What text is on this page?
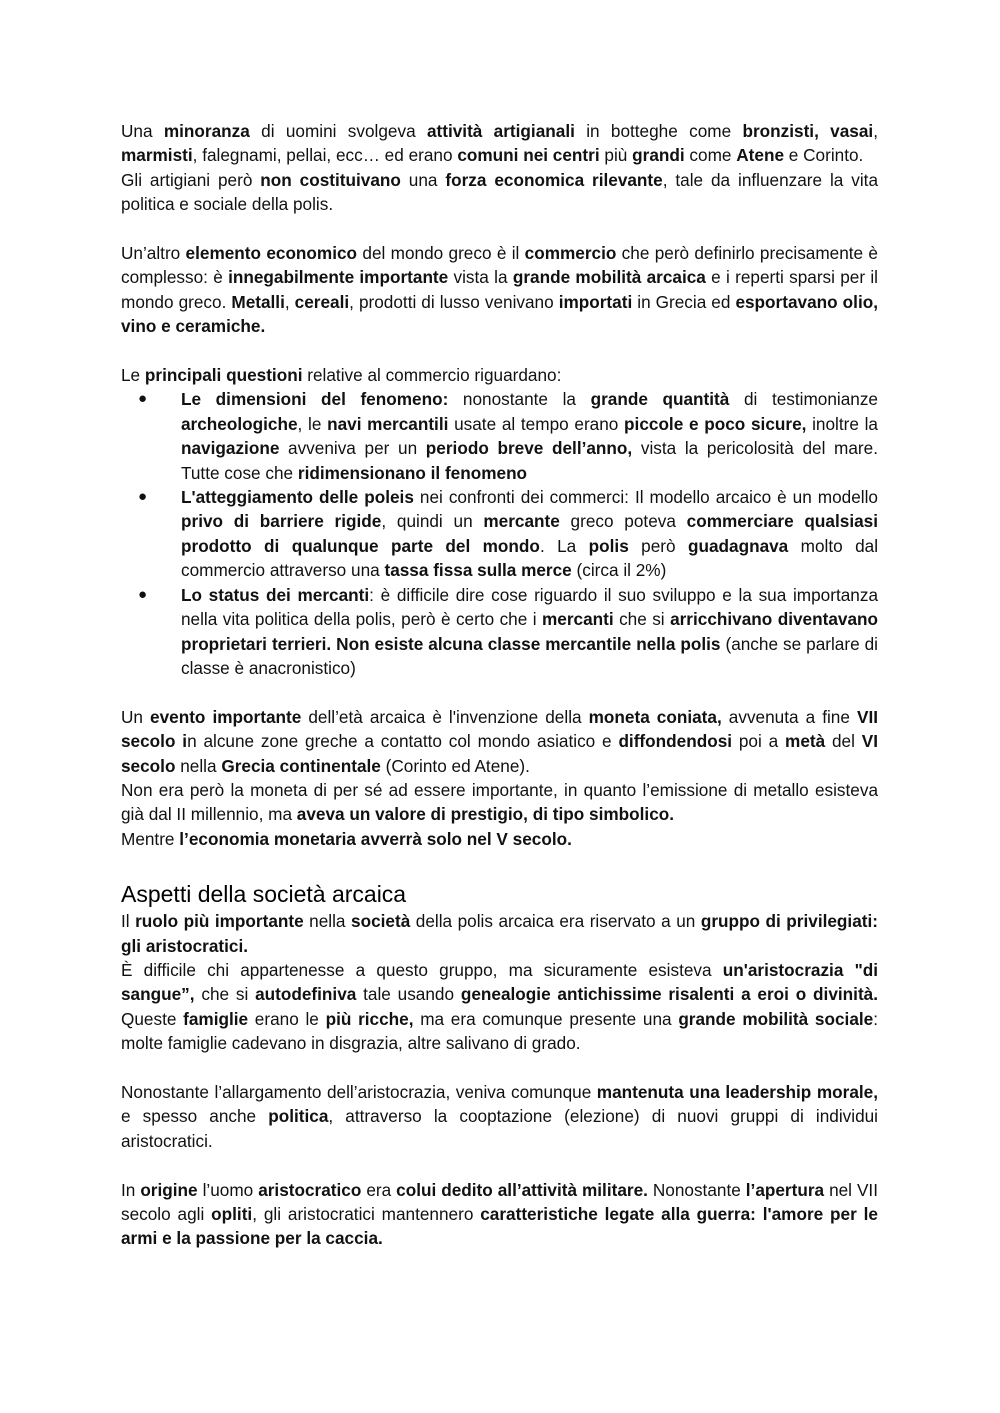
Una minoranza di uomini svolgeva attività artigianali in botteghe come bronzisti, vasai, marmisti, falegnami, pellai, ecc… ed erano comuni nei centri più grandi come Atene e Corinto.

Gli artigiani però non costituivano una forza economica rilevante, tale da influenzare la vita politica e sociale della polis.

Un’altro elemento economico del mondo greco è il commercio che però definirlo precisamente è complesso: è innegabilmente importante vista la grande mobilità arcaica e i reperti sparsi per il mondo greco. Metalli, cereali, prodotti di lusso venivano importati in Grecia ed esportavano olio, vino e ceramiche.

Le principali questioni relative al commercio riguardano:

● Le dimensioni del fenomeno: nonostante la grande quantità di testimonianze archeologiche, le navi mercantili usate al tempo erano piccole e poco sicure, inoltre la navigazione avveniva per un periodo breve dell’anno, vista la pericolosità del mare. Tutte cose che ridimensionano il fenomeno
● L'atteggiamento delle poleis nei confronti dei commerci: Il modello arcaico è un modello privo di barriere rigide, quindi un mercante greco poteva commerciare qualsiasi prodotto di qualunque parte del mondo. La polis però guadagnava molto dal commercio attraverso una tassa fissa sulla merce (circa il 2%)
● Lo status dei mercanti: è difficile dire cose riguardo il suo sviluppo e la sua importanza nella vita politica della polis, però è certo che i mercanti che si arricchivano diventavano proprietari terrieri. Non esiste alcuna classe mercantile nella polis (anche se parlare di classe è anacronistico)

Un evento importante dell’età arcaica è l'invenzione della moneta coniata, avvenuta a fine VII secolo in alcune zone greche a contatto col mondo asiatico e diffondendosi poi a metà del VI secolo nella Grecia continentale (Corinto ed Atene).

Non era però la moneta di per sé ad essere importante, in quanto l’emissione di metallo esisteva già dal II millennio, ma aveva un valore di prestigio, di tipo simbolico.

Mentre l’economia monetaria avverrà solo nel V secolo.

Aspetti della società arcaica

Il ruolo più importante nella società della polis arcaica era riservato a un gruppo di privilegiati: gli aristocratici.

È difficile chi appartenesse a questo gruppo, ma sicuramente esisteva un'aristocrazia "di sangue”, che si autodefiniva tale usando genealogie antichissime risalenti a eroi o divinità. Queste famiglie erano le più ricche, ma era comunque presente una grande mobilità sociale: molte famiglie cadevano in disgrazia, altre salivano di grado.

Nonostante l’allargamento dell’aristocrazia, veniva comunque mantenuta una leadership morale, e spesso anche politica, attraverso la cooptazione (elezione) di nuovi gruppi di individui aristocratici.

In origine l’uomo aristocratico era colui dedito all’attività militare. Nonostante l’apertura nel VII secolo agli opliti, gli aristocratici mantennero caratteristiche legate alla guerra: l'amore per le armi e la passione per la caccia.
